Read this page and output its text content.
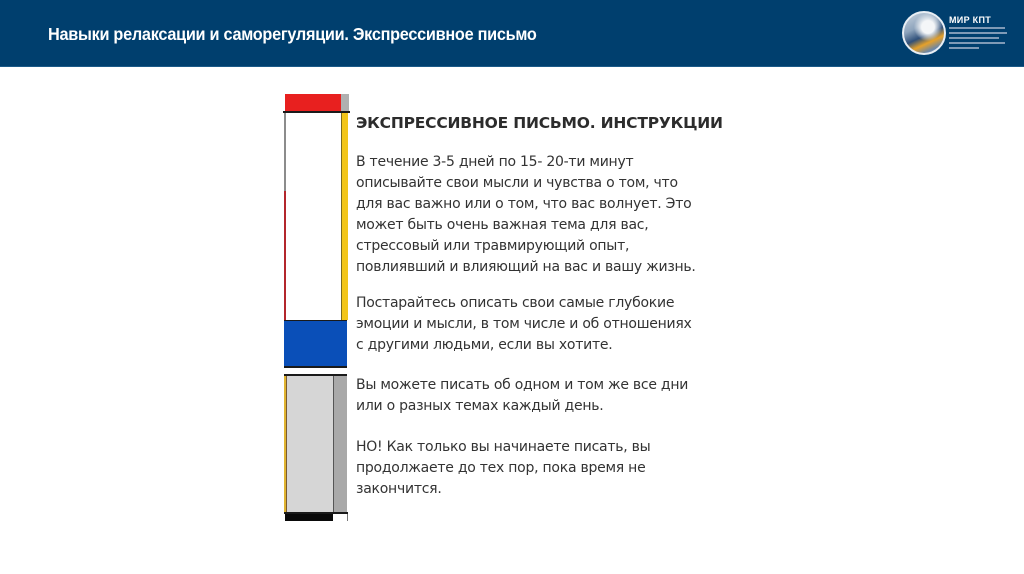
Навыки релаксации и саморегуляции. Экспрессивное письмо
МИР КПТ
ЭКСПРЕССИВНОЕ ПИСЬМО. ИНСТРУКЦИИ
В течение 3-5 дней по 15- 20-ти минут
описывайте свои мысли и чувства о том, что
для вас важно или о том, что вас волнует. Это
может быть очень важная тема для вас,
стрессовый или травмирующий опыт,
повлиявший и влияющий на вас и вашу жизнь.
Постарайтесь описать свои самые глубокие
эмоции и мысли, в том числе и об отношениях
с другими людьми, если вы хотите.
Вы можете писать об одном и том же все дни
или о разных темах каждый день.
НО! Как только вы начинаете писать, вы
продолжаете до тех пор, пока время не
закончится.
